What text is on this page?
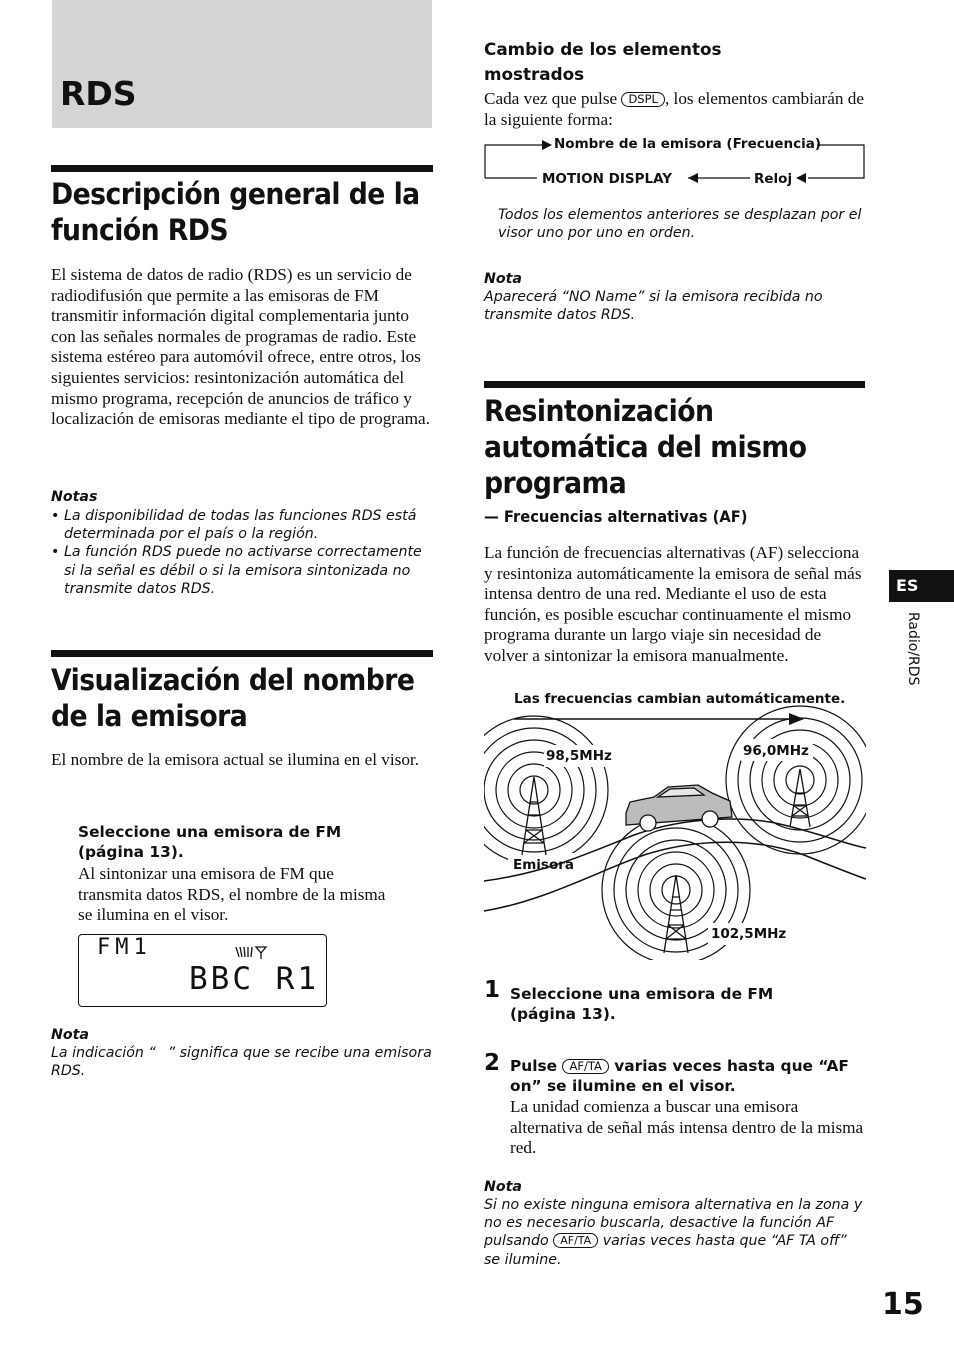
RDS
Descripción general de la función RDS
El sistema de datos de radio (RDS) es un servicio de radiodifusión que permite a las emisoras de FM transmitir información digital complementaria junto con las señales normales de programas de radio. Este sistema estéreo para automóvil ofrece, entre otros, los siguientes servicios: resintonización automática del mismo programa, recepción de anuncios de tráfico y localización de emisoras mediante el tipo de programa.
Notas
• La disponibilidad de todas las funciones RDS está determinada por el país o la región.
• La función RDS puede no activarse correctamente si la señal es débil o si la emisora sintonizada no transmite datos RDS.
Visualización del nombre de la emisora
El nombre de la emisora actual se ilumina en el visor.
Seleccione una emisora de FM (página 13).
Al sintonizar una emisora de FM que transmita datos RDS, el nombre de la misma se ilumina en el visor.
FM1
BBC R1
Nota
La indicación “ ” significa que se recibe una emisora RDS.
Cambio de los elementos mostrados
Cada vez que pulse DSPL , los elementos cambiarán de la siguiente forma:
Nombre de la emisora (Frecuencia)
MOTION DISPLAY	Reloj
Todos los elementos anteriores se desplazan por el visor uno por uno en orden.
Nota
Aparecerá “NO Name” si la emisora recibida no transmite datos RDS.
Resintonización automática del mismo programa
— Frecuencias alternativas (AF)
La función de frecuencias alternativas (AF) selecciona y resintoniza automáticamente la emisora de señal más intensa dentro de una red. Mediante el uso de esta función, es posible escuchar continuamente el mismo programa durante un largo viaje sin necesidad de volver a sintonizar la emisora manualmente.
Las frecuencias cambian automáticamente.
98,5MHz	96,0MHz
Emisora
102,5MHz
1 Seleccione una emisora de FM (página 13).
2 Pulse AF/TA varias veces hasta que “AF on” se ilumine en el visor.
La unidad comienza a buscar una emisora alternativa de señal más intensa dentro de la misma red.
Nota
Si no existe ninguna emisora alternativa en la zona y no es necesario buscarla, desactive la función AF pulsando AF/TA varias veces hasta que “AF TA off” se ilumine.
ES
Radio/RDS
15
